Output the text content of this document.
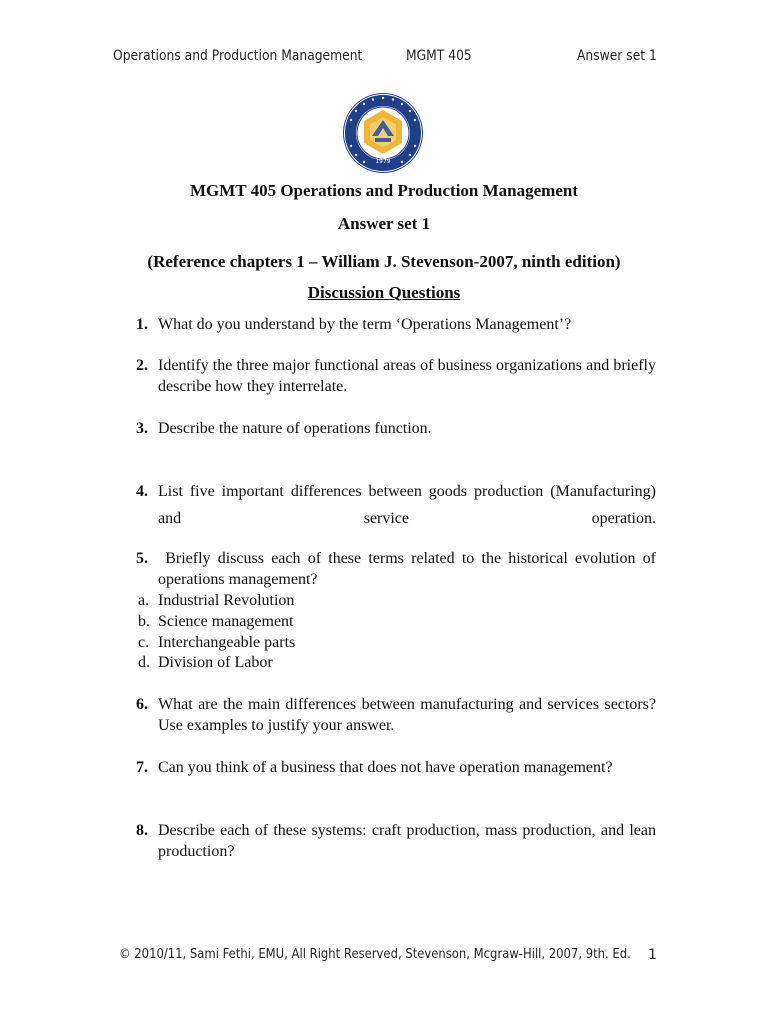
Operations and Production Management	MGMT 405	Answer set 1
1979
MGMT 405 Operations and Production Management
Answer set 1
(Reference chapters 1 – William J. Stevenson-2007, ninth edition)
Discussion Questions
1. What do you understand by the term ‘Operations Management’?
2. Identify the three major functional areas of business organizations and briefly describe how they interrelate.
3. Describe the nature of operations function.
4. List five important differences between goods production (Manufacturing) and service operation.
5. Briefly discuss each of these terms related to the historical evolution of operations management?
a. Industrial Revolution
b. Science management
c. Interchangeable parts
d. Division of Labor
6. What are the main differences between manufacturing and services sectors? Use examples to justify your answer.
7. Can you think of a business that does not have operation management?
8. Describe each of these systems: craft production, mass production, and lean production?
© 2010/11, Sami Fethi, EMU, All Right Reserved, Stevenson, Mcgraw-Hill, 2007, 9th. Ed. 1
